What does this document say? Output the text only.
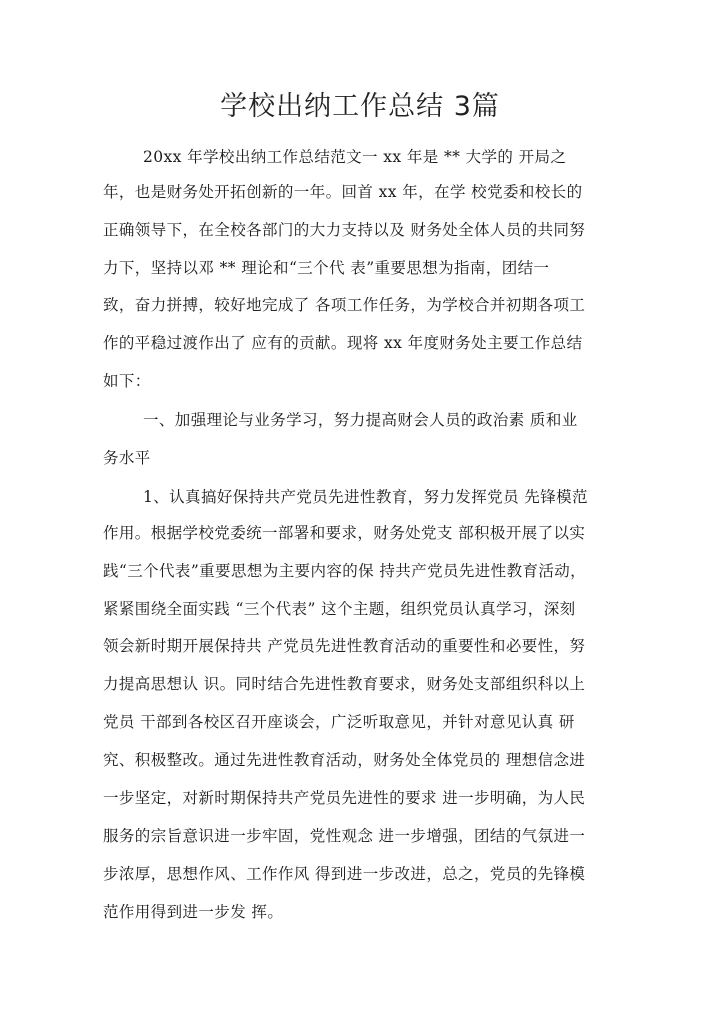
学校出纳工作总结 3篇
20xx 年学校出纳工作总结范文一 xx 年是 ** 大学的 开局之
年，也是财务处开拓创新的一年。回首 xx 年，在学 校党委和校长的
正确领导下，在全校各部门的大力支持以及 财务处全体人员的共同努
力下，坚持以邓 ** 理论和“三个代 表”重要思想为指南，团结一
致，奋力拼搏，较好地完成了 各项工作任务，为学校合并初期各项工
作的平稳过渡作出了 应有的贡献。现将 xx 年度财务处主要工作总结
如下：
一、加强理论与业务学习，努力提高财会人员的政治素 质和业
务水平
1、认真搞好保持共产党员先进性教育，努力发挥党员 先锋模范
作用。根据学校党委统一部署和要求，财务处党支 部积极开展了以实
践“三个代表”重要思想为主要内容的保 持共产党员先进性教育活动，
紧紧围绕全面实践 “三个代表” 这个主题，组织党员认真学习，深刻
领会新时期开展保持共 产党员先进性教育活动的重要性和必要性，努
力提高思想认 识。同时结合先进性教育要求，财务处支部组织科以上
党员 干部到各校区召开座谈会，广泛听取意见，并针对意见认真 研
究、积极整改。通过先进性教育活动，财务处全体党员的 理想信念进
一步坚定，对新时期保持共产党员先进性的要求 进一步明确，为人民
服务的宗旨意识进一步牢固，党性观念 进一步增强，团结的气氛进一
步浓厚，思想作风、工作作风 得到进一步改进，总之，党员的先锋模
范作用得到进一步发 挥。
